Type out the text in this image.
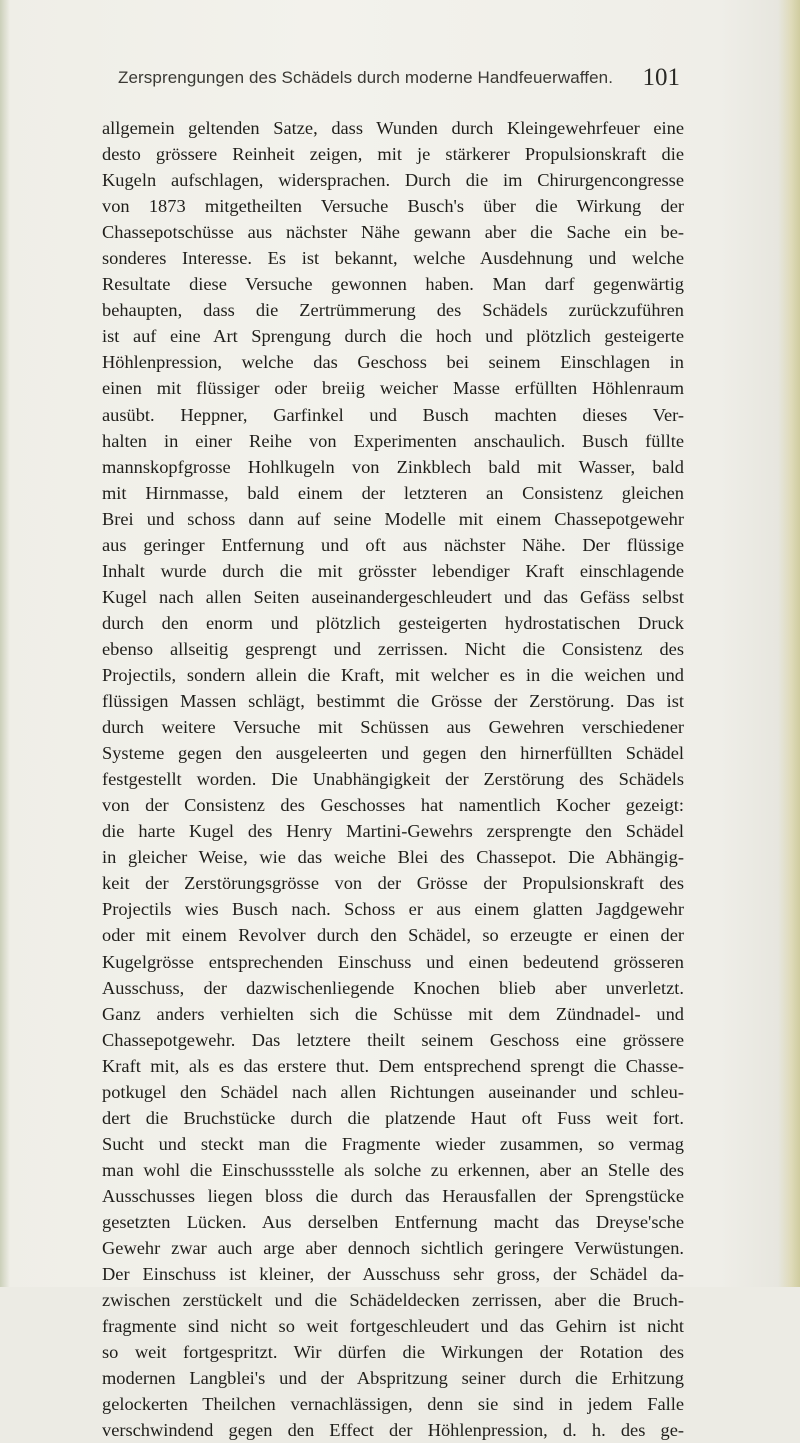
Zersprengungen des Schädels durch moderne Handfeuerwaffen. 101
allgemein geltenden Satze, dass Wunden durch Kleingewehrfeuer eine
desto grössere Reinheit zeigen, mit je stärkerer Propulsionskraft die
Kugeln aufschlagen, widersprachen. Durch die im Chirurgencongresse
von 1873 mitgetheilten Versuche Busch's über die Wirkung der
Chassepotschüsse aus nächster Nähe gewann aber die Sache ein be-
sonderes Interesse. Es ist bekannt, welche Ausdehnung und welche
Resultate diese Versuche gewonnen haben. Man darf gegenwärtig
behaupten, dass die Zertrümmerung des Schädels zurückzuführen
ist auf eine Art Sprengung durch die hoch und plötzlich gesteigerte
Höhlenpression, welche das Geschoss bei seinem Einschlagen in
einen mit flüssiger oder breiig weicher Masse erfüllten Höhlenraum
ausübt. Heppner, Garfinkel und Busch machten dieses Ver-
halten in einer Reihe von Experimenten anschaulich. Busch füllte
mannskopfgrosse Hohlkugeln von Zinkblech bald mit Wasser, bald
mit Hirnmasse, bald einem der letzteren an Consistenz gleichen
Brei und schoss dann auf seine Modelle mit einem Chassepotgewehr
aus geringer Entfernung und oft aus nächster Nähe. Der flüssige
Inhalt wurde durch die mit grösster lebendiger Kraft einschlagende
Kugel nach allen Seiten auseinandergeschleudert und das Gefäss selbst
durch den enorm und plötzlich gesteigerten hydrostatischen Druck
ebenso allseitig gesprengt und zerrissen. Nicht die Consistenz des
Projectils, sondern allein die Kraft, mit welcher es in die weichen und
flüssigen Massen schlägt, bestimmt die Grösse der Zerstörung. Das ist
durch weitere Versuche mit Schüssen aus Gewehren verschiedener
Systeme gegen den ausgeleerten und gegen den hirnerfüllten Schädel
festgestellt worden. Die Unabhängigkeit der Zerstörung des Schädels
von der Consistenz des Geschosses hat namentlich Kocher gezeigt:
die harte Kugel des Henry Martini-Gewehrs zersprengte den Schädel
in gleicher Weise, wie das weiche Blei des Chassepot. Die Abhängig-
keit der Zerstörungsgrösse von der Grösse der Propulsionskraft des
Projectils wies Busch nach. Schoss er aus einem glatten Jagdgewehr
oder mit einem Revolver durch den Schädel, so erzeugte er einen der
Kugelgrösse entsprechenden Einschuss und einen bedeutend grösseren
Ausschuss, der dazwischenliegende Knochen blieb aber unverletzt.
Ganz anders verhielten sich die Schüsse mit dem Zündnadel- und
Chassepotgewehr. Das letztere theilt seinem Geschoss eine grössere
Kraft mit, als es das erstere thut. Dem entsprechend sprengt die Chasse-
potkugel den Schädel nach allen Richtungen auseinander und schleu-
dert die Bruchstücke durch die platzende Haut oft Fuss weit fort.
Sucht und steckt man die Fragmente wieder zusammen, so vermag
man wohl die Einschussstelle als solche zu erkennen, aber an Stelle des
Ausschusses liegen bloss die durch das Herausfallen der Sprengstücke
gesetzten Lücken. Aus derselben Entfernung macht das Dreyse'sche
Gewehr zwar auch arge aber dennoch sichtlich geringere Verwüstungen.
Der Einschuss ist kleiner, der Ausschuss sehr gross, der Schädel da-
zwischen zerstückelt und die Schädeldecken zerrissen, aber die Bruch-
fragmente sind nicht so weit fortgeschleudert und das Gehirn ist nicht
so weit fortgespritzt. Wir dürfen die Wirkungen der Rotation des
modernen Langblei's und der Abspritzung seiner durch die Erhitzung
gelockerten Theilchen vernachlässigen, denn sie sind in jedem Falle
verschwindend gegen den Effect der Höhlenpression, d. h. des ge-
